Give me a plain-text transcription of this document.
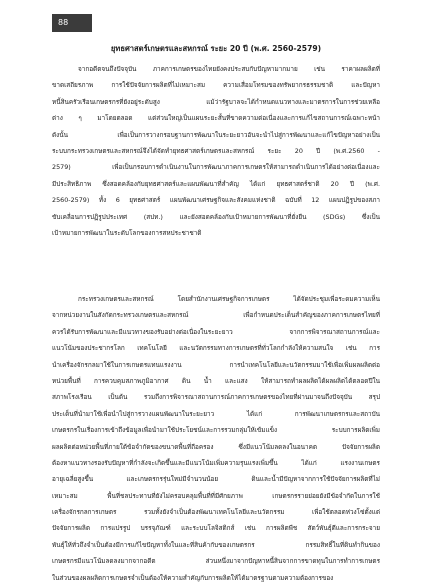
88
ยุทธศาสตร์เกษตรและสหกรณ์ ระยะ 20 ปี (พ.ศ. 2560-2579)
จากอดีตจนถึงปัจจุบัน ภาคการเกษตรของไทยยังคงประสบกับปัญหามากมาย เช่น ราคาผลผลิตที่
ขาดเสถียรภาพ การใช้ปัจจัยการผลิตที่ไม่เหมาะสม ความเสื่อมโทรมของทรัพยากรธรรมชาติ และปัญหา
หนี้สินครัวเรือนเกษตรกรที่ยังอยู่ระดับสูง แม้ว่ารัฐบาลจะได้กำหนดแนวทางและมาตรการในการช่วยเหลือ
ต่าง ๆ มาโดยตลอด แต่ส่วนใหญ่เป็นแผนระยะสั้นที่ขาดความต่อเนื่องและการแก้ไขสถานการณ์เฉพาะหน้า
ดังนั้น เพื่อเป็นการวางกรอบฐานการพัฒนาในระยะยาวอันจะนำไปสู่การพัฒนาและแก้ไขปัญหาอย่างเป็น
ระบบกระทรวงเกษตรและสหกรณ์จึงได้จัดทำยุทธศาสตร์เกษตรและสหกรณ์ ระยะ 20 ปี (พ.ศ.2560 -
2579) เพื่อเป็นกรอบการดำเนินงานในการพัฒนาภาคการเกษตรให้สามารถดำเนินการได้อย่างต่อเนื่องและ
มีประสิทธิภาพ ซึ่งสอดคล้องกับยุทธศาสตร์และแผนพัฒนาที่สำคัญ ได้แก่ ยุทธศาสตร์ชาติ 20 ปี (พ.ศ.
2560-2579) ทั้ง 6 ยุทธศาสตร์ แผนพัฒนาเศรษฐกิจและสังคมแห่งชาติ ฉบับที่ 12 แผนปฏิรูปของสภา
ขับเคลื่อนการปฏิรูปประเทศ (สปท.) และยังสอดคล้องกับเป้าหมายการพัฒนาที่ยั่งยืน (SDGs) ซึ่งเป็น
เป้าหมายการพัฒนาในระดับโลกของการสหประชาชาติ
กระทรวงเกษตรและสหกรณ์ โดยสำนักงานเศรษฐกิจการเกษตร ได้จัดประชุมเพื่อระดมความเห็น
จากหน่วยงานในสังกัดกระทรวงเกษตรและสหกรณ์ เพื่อกำหนดประเด็นสำคัญของภาคการเกษตรไทยที่
ควรได้รับการพัฒนาและมีแนวทางของรับอย่างต่อเนื่องในระยะยาว จากการพิจารณาสถานการณ์และ
แนวโน้มของประชากรโลก เทคโนโลยี และนวัตกรรมทางการเกษตรที่ทั่วโลกกำลังให้ความสนใจ เช่น การ
นำเครื่องจักรกลมาใช้ในการเกษตรแทนแรงงาน การนำเทคโนโลยีและนวัตกรรมมาใช้เพื่อเพิ่มผลผลิตต่อ
หน่วยพื้นที่ การควบคุมสภาพภูมิอากาศ ดิน น้ำ และแสง ให้สามารถทำผลผลิตได้ผลผลิตได้ตลอดปีใน
สภาพโรงเรือน เป็นต้น รวมถึงการพิจารณาสถานการณ์ภาคการเกษตรของไทยที่ผ่านมาจนถึงปัจจุบัน สรุป
ประเด็นที่นำมาใช้เพื่อนำไปสู่การวางแผนพัฒนาในระยะยาว ได้แก่ การพัฒนาเกษตรกรและสถาบัน
เกษตรกรในเรื่องการเข้าถึงข้อมูลเพื่อนำมาใช้ประโยชน์และการรวมกลุ่มให้เข้มแข็ง ระบบการผลิตเพิ่ม
ผลผลิตต่อหน่วยพื้นที่ภายใต้ข้อจำกัดของขนาดพื้นที่ถือครอง ซึ่งมีแนวโน้มลดลงในอนาคต ปัจจัยการผลิต
ต้องหาแนวทางรองรับปัญหาที่กำลังจะเกิดขึ้นและมีแนวโน้มเพิ่มความรุนแรงเพิ่มขึ้น ได้แก่ แรงงานเกษตร
อายุเฉลี่ยสูงขึ้น และเกษตรกรรุ่นใหม่มีจำนวนน้อย ดินและน้ำมีปัญหาจากการใช้ปัจจัยการผลิตที่ไม่
เหมาะสม พื้นที่ชลประทานที่ยังไม่ครอบคลุมพื้นที่ที่มีศักยภาพ เกษตรกรรายย่อยยังมีข้อจำกัดในการใช้
เครื่องจักรกลการเกษตร รวมทั้งยังจำเป็นต้องพัฒนาเทคโนโลยีและนวัตกรรม เพื่อใช้ตลอดห่วงโซ่ตั้งแต่
ปัจจัยการผลิต การแปรรูป บรรจุภัณฑ์ และระบบโลจิสติกส์ เช่น การผลิตพืช สัตว์พันธุ์ดีและการกระจาย
พันธุ์ให้ทั่วถึงจำเป็นต้องมีการแก้ไขปัญหาทั้งในและที่สินค้ากับของเกษตรกร กรรมสิทธิ์ในที่ดินทำกินของ
เกษตรกรมีแนวโน้มลดลงมากจากอดีต ส่วนหนึ่งมาจากปัญหาหนี้สินจากการขาดทุนในการทำการเกษตร
ในส่วนของผลผลิตการเกษตรจำเป็นต้องให้ความสำคัญกับการผลิตให้ได้มาตรฐานตามความต้องการของ
